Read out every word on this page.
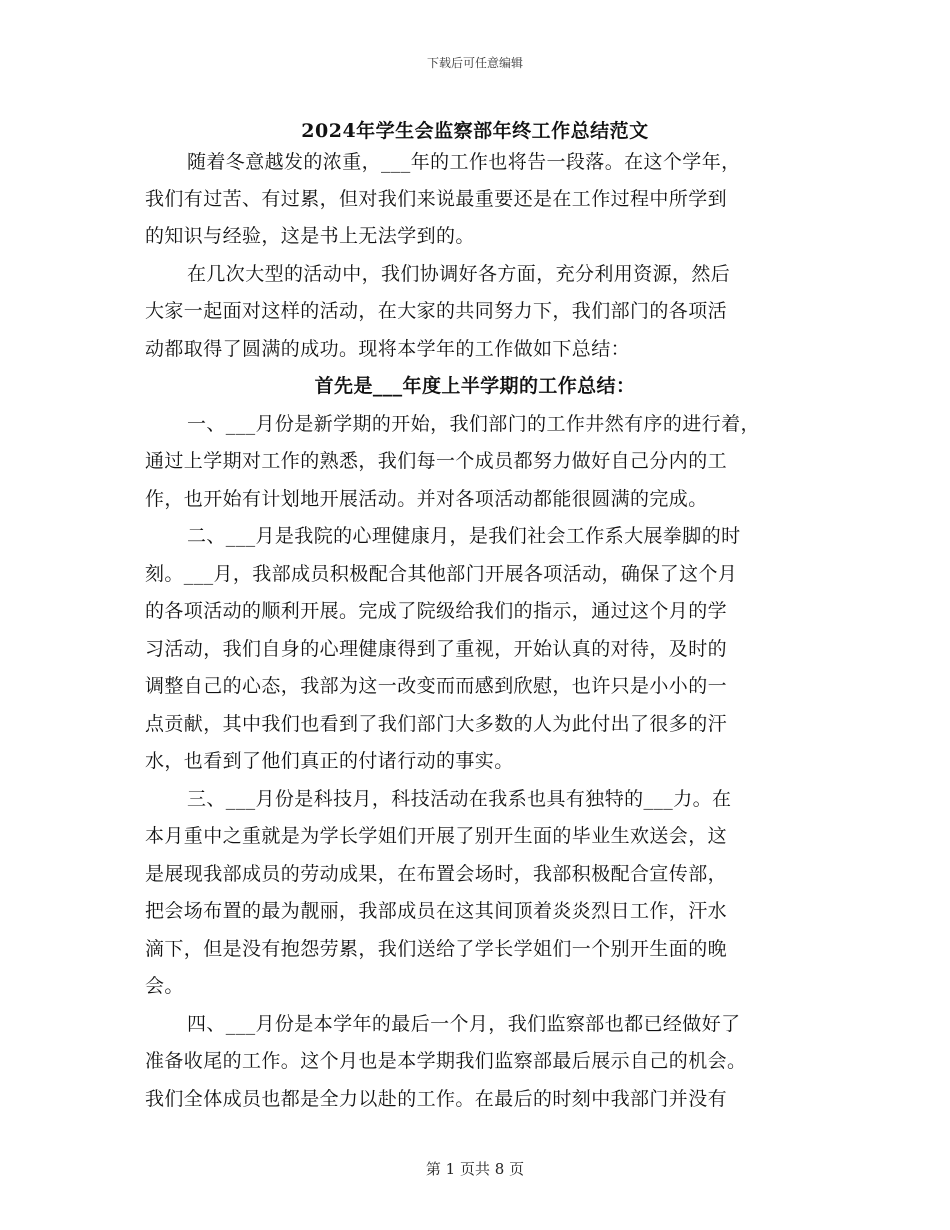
下载后可任意编辑
2024年学生会监察部年终工作总结范文
随着冬意越发的浓重，___年的工作也将告一段落。在这个学年，
我们有过苦、有过累，但对我们来说最重要还是在工作过程中所学到
的知识与经验，这是书上无法学到的。
在几次大型的活动中，我们协调好各方面，充分利用资源，然后
大家一起面对这样的活动，在大家的共同努力下，我们部门的各项活
动都取得了圆满的成功。现将本学年的工作做如下总结：
首先是___年度上半学期的工作总结：
一、___月份是新学期的开始，我们部门的工作井然有序的进行着，
通过上学期对工作的熟悉，我们每一个成员都努力做好自己分内的工
作，也开始有计划地开展活动。并对各项活动都能很圆满的完成。
二、___月是我院的心理健康月，是我们社会工作系大展拳脚的时
刻。___月，我部成员积极配合其他部门开展各项活动，确保了这个月
的各项活动的顺利开展。完成了院级给我们的指示，通过这个月的学
习活动，我们自身的心理健康得到了重视，开始认真的对待，及时的
调整自己的心态，我部为这一改变而而感到欣慰，也许只是小小的一
点贡献，其中我们也看到了我们部门大多数的人为此付出了很多的汗
水，也看到了他们真正的付诸行动的事实。
三、___月份是科技月，科技活动在我系也具有独特的___力。在
本月重中之重就是为学长学姐们开展了别开生面的毕业生欢送会，这
是展现我部成员的劳动成果，在布置会场时，我部积极配合宣传部，
把会场布置的最为靓丽，我部成员在这其间顶着炎炎烈日工作，汗水
滴下，但是没有抱怨劳累，我们送给了学长学姐们一个别开生面的晚
会。
四、___月份是本学年的最后一个月，我们监察部也都已经做好了
准备收尾的工作。这个月也是本学期我们监察部最后展示自己的机会。
我们全体成员也都是全力以赴的工作。在最后的时刻中我部门并没有
第 1 页共 8 页
